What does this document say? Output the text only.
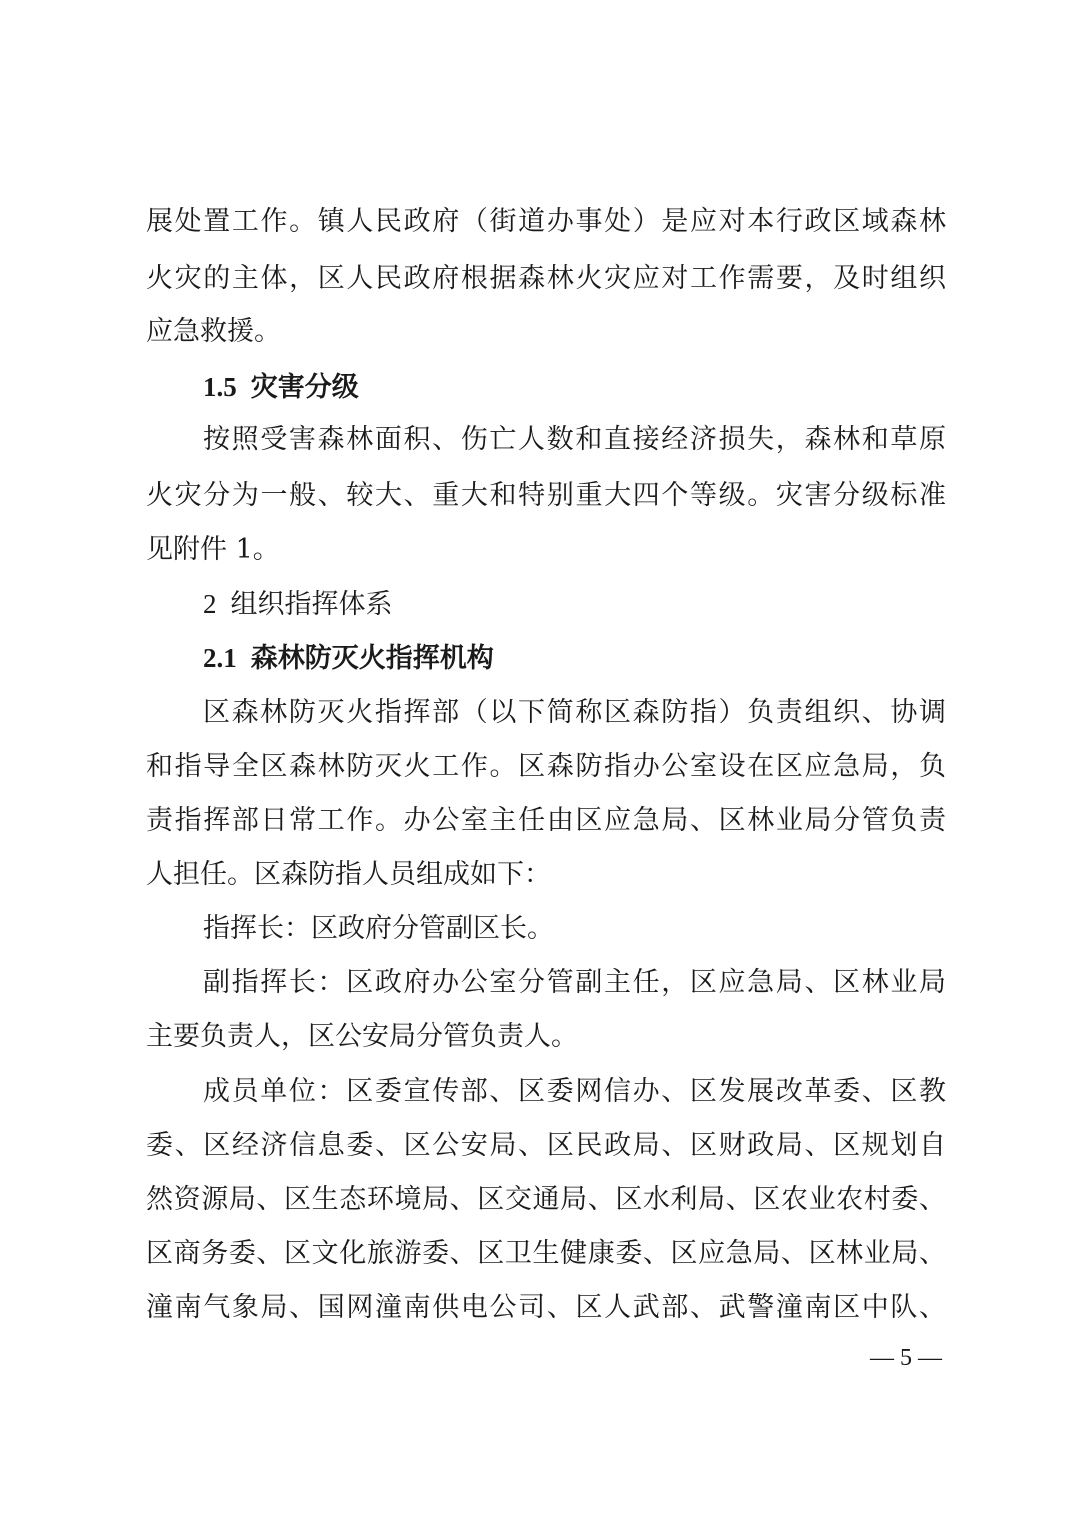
展处置工作。镇人民政府（街道办事处）是应对本行政区域森林
火灾的主体，区人民政府根据森林火灾应对工作需要，及时组织
应急救援。
1.5 灾害分级
按照受害森林面积、伤亡人数和直接经济损失，森林和草原
火灾分为一般、较大、重大和特别重大四个等级。灾害分级标准
见附件 1。
2 组织指挥体系
2.1 森林防灭火指挥机构
区森林防灭火指挥部（以下简称区森防指）负责组织、协调
和指导全区森林防灭火工作。区森防指办公室设在区应急局，负
责指挥部日常工作。办公室主任由区应急局、区林业局分管负责
人担任。区森防指人员组成如下：
指挥长：区政府分管副区长。
副指挥长：区政府办公室分管副主任，区应急局、区林业局
主要负责人，区公安局分管负责人。
成员单位：区委宣传部、区委网信办、区发展改革委、区教
委、区经济信息委、区公安局、区民政局、区财政局、区规划自
然资源局、区生态环境局、区交通局、区水利局、区农业农村委、
区商务委、区文化旅游委、区卫生健康委、区应急局、区林业局、
潼南气象局、国网潼南供电公司、区人武部、武警潼南区中队、
— 5 —
